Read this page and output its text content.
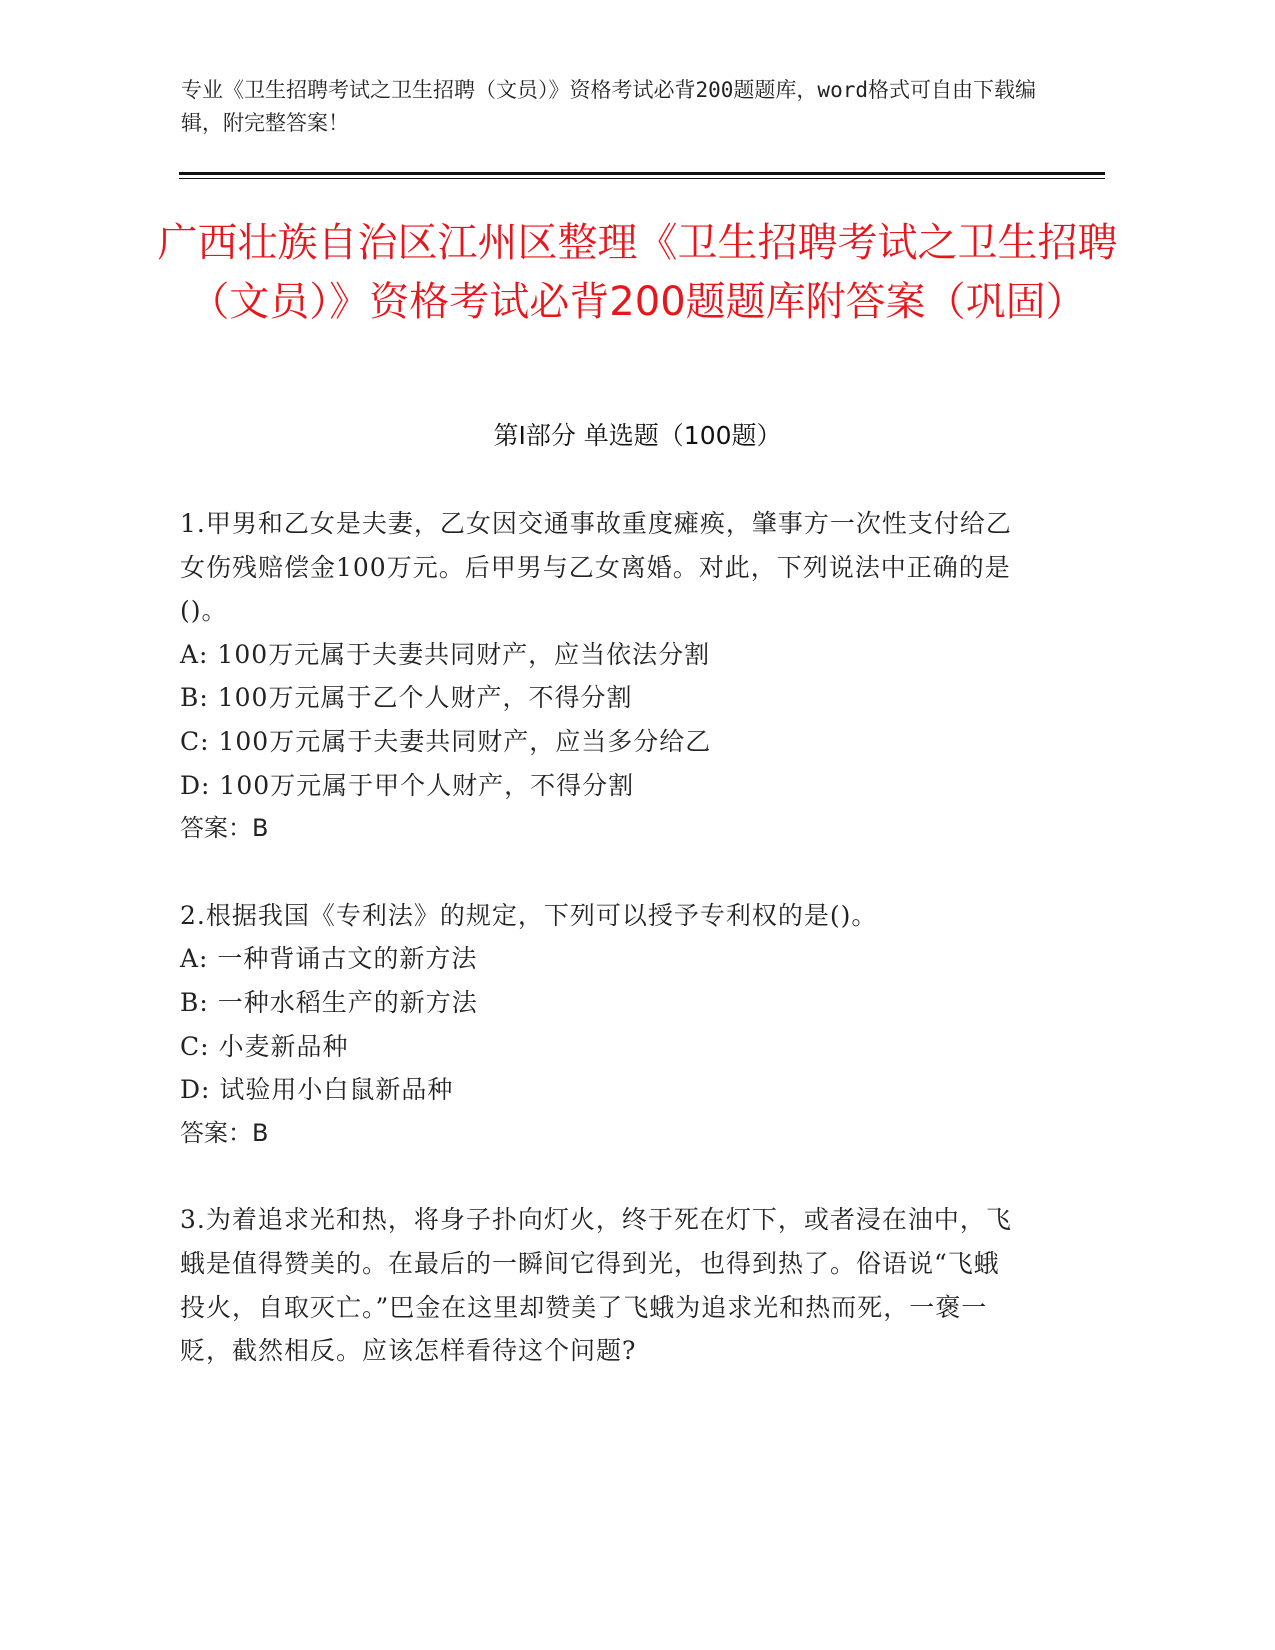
专业《卫生招聘考试之卫生招聘（文员）》资格考试必背200题题库，word格式可自由下载编辑，附完整答案！

广西壮族自治区江州区整理《卫生招聘考试之卫生招聘（文员）》资格考试必背200题题库附答案（巩固）
第I部分 单选题（100题）

1.甲男和乙女是夫妻，乙女因交通事故重度瘫痪，肇事方一次性支付给乙女伤残赔偿金100万元。后甲男与乙女离婚。对此，下列说法中正确的是()。

A: 100万元属于夫妻共同财产，应当依法分割

B: 100万元属于乙个人财产，不得分割

C: 100万元属于夫妻共同财产，应当多分给乙

D: 100万元属于甲个人财产，不得分割

答案：B

2.根据我国《专利法》的规定，下列可以授予专利权的是()。

A: 一种背诵古文的新方法

B: 一种水稻生产的新方法

C: 小麦新品种

D: 试验用小白鼠新品种

答案：B

3.为着追求光和热，将身子扑向灯火，终于死在灯下，或者浸在油中，飞蛾是值得赞美的。在最后的一瞬间它得到光，也得到热了。俗语说“飞蛾投火，自取灭亡。”巴金在这里却赞美了飞蛾为追求光和热而死，一褒一贬，截然相反。应该怎样看待这个问题?
